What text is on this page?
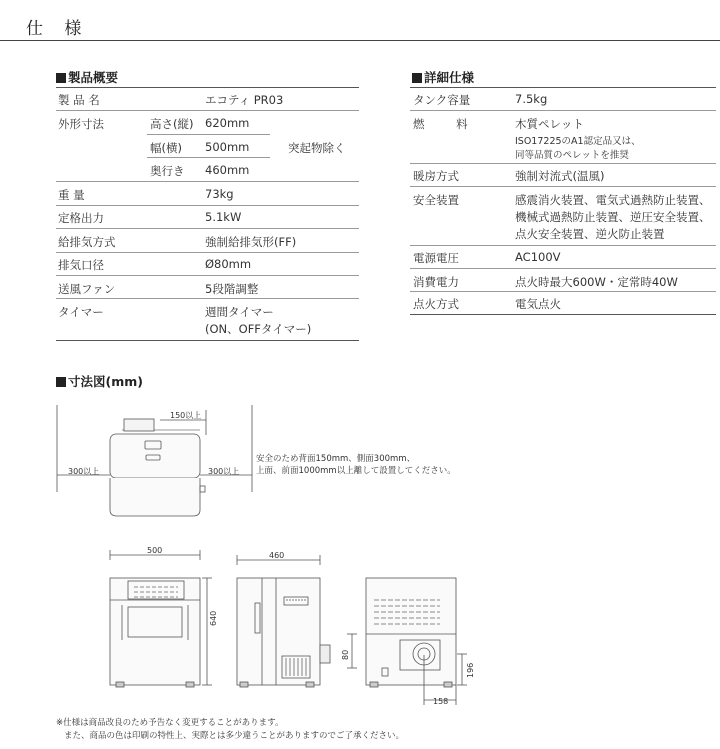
仕 様
製品概要
製 品 名	エコティ PR03
外形寸法	高さ(縦) 620mm
幅(横) 500mm	突起物除く
奥行き 460mm
重 量	73kg
定格出力	5.1kW
給排気方式	強制給排気形(FF)
排気口径	Ø80mm
送風ファン	5段階調整
タイマー	週間タイマー
(ON、OFFタイマー)
詳細仕様
タンク容量	7.5kg
燃 料	木質ペレット
ISO17225のA1認定品又は、
同等品質のペレットを推奨
暖房方式	強制対流式(温風)
安全装置	感震消火装置、電気式過熱防止装置、
機械式過熱防止装置、逆圧安全装置、
点火安全装置、逆火防止装置
電源電圧	AC100V
消費電力	点火時最大600W・定常時40W
点火方式	電気点火
寸法図(mm)
150以上
300以上	300以上
安全のため背面150mm、側面300mm、
上面、前面1000mm以上離して設置してください。
500
460
640
80
196
158
※仕様は商品改良のため予告なく変更することがあります。
また、商品の色は印刷の特性上、実際とは多少違うことがありますのでご了承ください。
